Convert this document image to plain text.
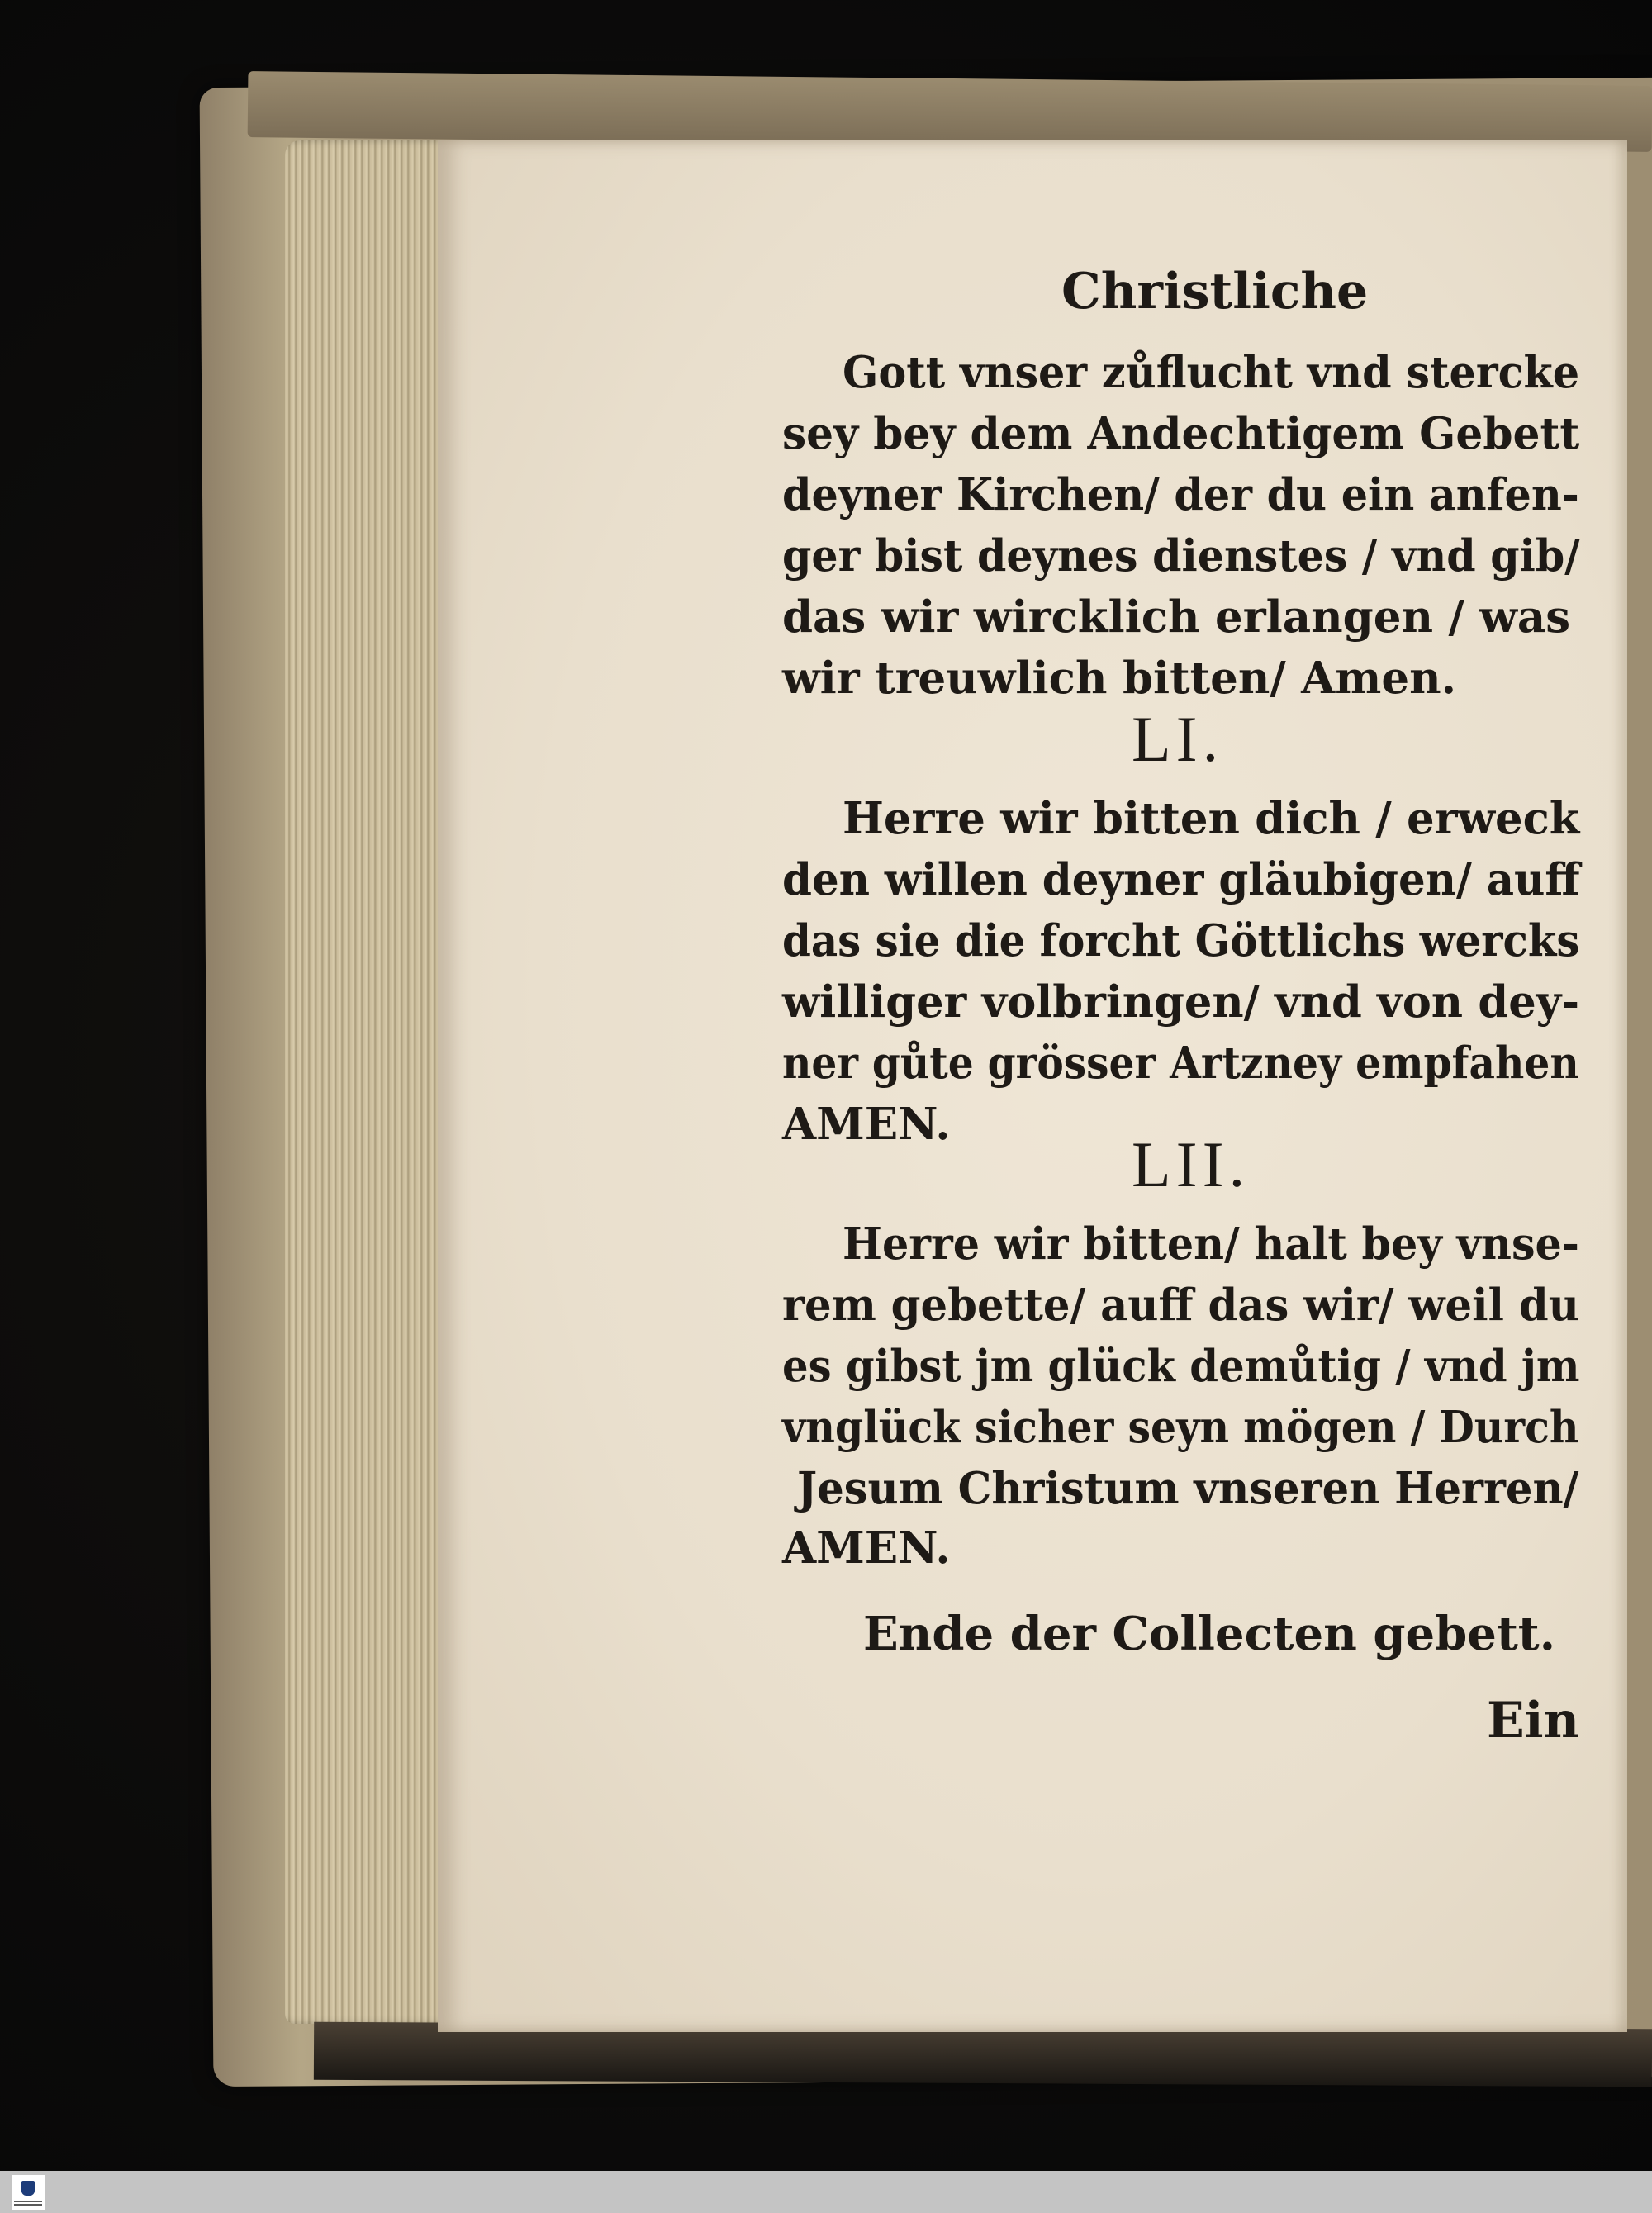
Christliche
Gott vnser zůflucht vnd stercke
sey bey dem Andechtigem Gebett
deyner Kirchen/ der du ein anfen-
ger bist deynes dienstes / vnd gib/
das wir wircklich erlangen / was
wir treuwlich bitten/ Amen.
LI.
Herre wir bitten dich / erweck
den willen deyner gläubigen/ auff
das sie die forcht Göttlichs wercks
williger volbringen/ vnd von dey-
ner gůte grösser Artzney empfahen
AMEN.
LII.
Herre wir bitten/ halt bey vnse-
rem gebette/ auff das wir/ weil du
es gibst jm glück demůtig / vnd jm
vnglück sicher seyn mögen / Durch
Jesum Christum vnseren Herren/
AMEN.
Ende der Collecten gebett.
Ein
